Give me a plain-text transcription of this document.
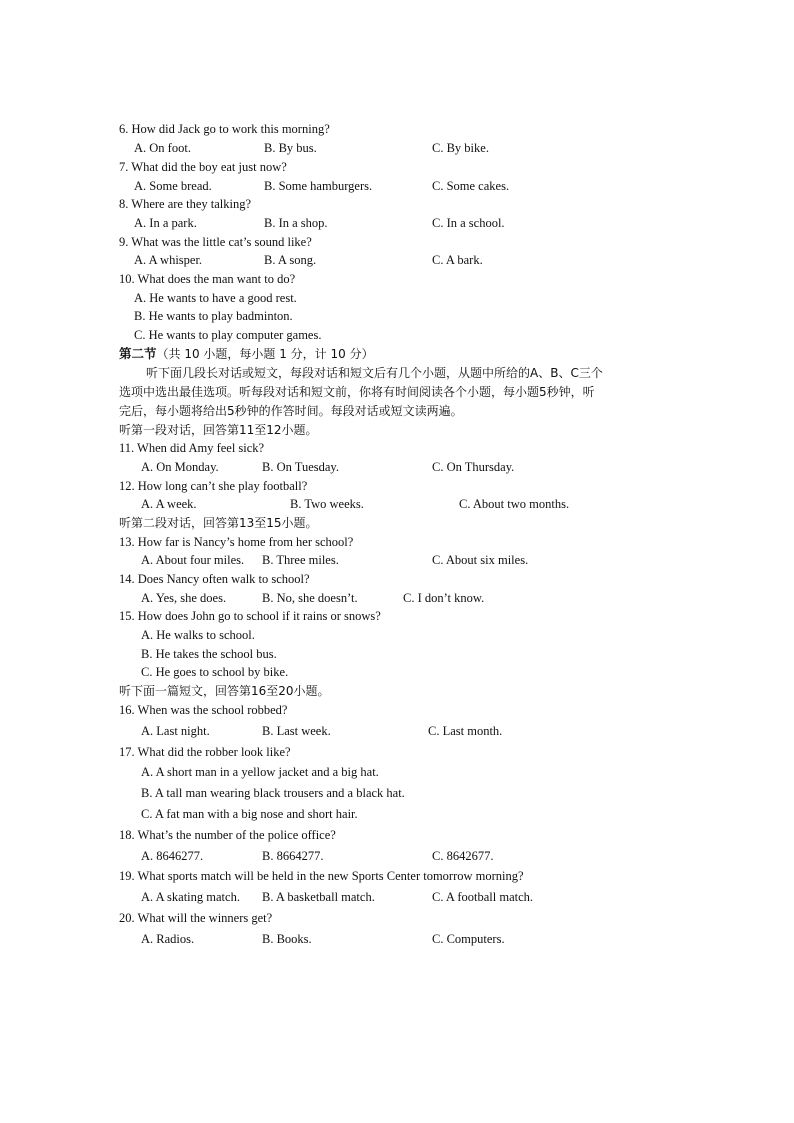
6. How did Jack go to work this morning?
A. On foot.	B. By bus.	C. By bike.
7. What did the boy eat just now?
A. Some bread.	B. Some hamburgers.	C. Some cakes.
8. Where are they talking?
A. In a park.	B. In a shop.	C. In a school.
9. What was the little cat’s sound like?
A. A whisper.	B. A song.	C. A bark.
10. What does the man want to do?
A. He wants to have a good rest.
B. He wants to play badminton.
C. He wants to play computer games.
第二节（共 10 小题，每小题 1 分，计 10 分）
听下面几段长对话或短文，每段对话和短文后有几个小题，从题中所给的A、B、C三个
选项中选出最佳选项。听每段对话和短文前，你将有时间阅读各个小题，每小题5秒钟，听
完后，每小题将给出5秒钟的作答时间。每段对话或短文读两遍。
听第一段对话，回答第11至12小题。
11. When did Amy feel sick?
A. On Monday.	B. On Tuesday.	C. On Thursday.
12. How long can’t she play football?
A. A week.	B. Two weeks.	C. About two months.
听第二段对话，回答第13至15小题。
13. How far is Nancy’s home from her school?
A. About four miles. B. Three miles.	C. About six miles.
14. Does Nancy often walk to school?
A. Yes, she does.	B. No, she doesn’t.	C. I don’t know.
15. How does John go to school if it rains or snows?
A. He walks to school.
B. He takes the school bus.
C. He goes to school by bike.
听下面一篇短文，回答第16至20小题。
16. When was the school robbed?
A. Last night.	B. Last week.	C. Last month.
17. What did the robber look like?
A. A short man in a yellow jacket and a big hat.
B. A tall man wearing black trousers and a black hat.
C. A fat man with a big nose and short hair.
18. What’s the number of the police office?
A. 8646277.	B. 8664277.	C. 8642677.
19. What sports match will be held in the new Sports Center tomorrow morning?
A. A skating match. B. A basketball match.	C. A football match.
20. What will the winners get?
A. Radios.	B. Books.	C. Computers.
